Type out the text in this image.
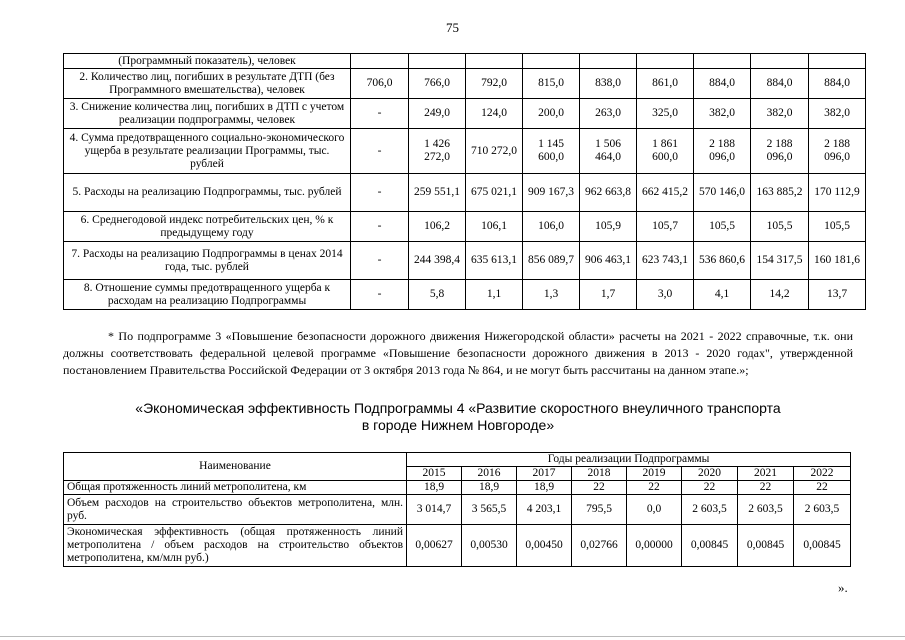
75
(Программный показатель), человек									
2. Количество лиц, погибших в результате ДТП (без Программного вмешательства), человек	706,0	766,0	792,0	815,0	838,0	861,0	884,0	884,0	884,0
3. Снижение количества лиц, погибших в ДТП с учетом реализации подпрограммы, человек	-	249,0	124,0	200,0	263,0	325,0	382,0	382,0	382,0
4. Сумма предотвращенного социально-экономического ущерба в результате реализации Программы, тыс. рублей	-	1 426 272,0	710 272,0	1 145 600,0	1 506 464,0	1 861 600,0	2 188 096,0	2 188 096,0	2 188 096,0
5. Расходы на реализацию Подпрограммы, тыс. рублей	-	259 551,1	675 021,1	909 167,3	962 663,8	662 415,2	570 146,0	163 885,2	170 112,9
6. Среднегодовой индекс потребительских цен, % к предыдущему году	-	106,2	106,1	106,0	105,9	105,7	105,5	105,5	105,5
7. Расходы на реализацию Подпрограммы в ценах 2014 года, тыс. рублей	-	244 398,4	635 613,1	856 089,7	906 463,1	623 743,1	536 860,6	154 317,5	160 181,6
8. Отношение суммы предотвращенного ущерба к расходам на реализацию Подпрограммы	-	5,8	1,1	1,3	1,7	3,0	4,1	14,2	13,7
* По подпрограмме 3 «Повышение безопасности дорожного движения Нижегородской области» расчеты на 2021 - 2022 справочные, т.к. они должны соответствовать федеральной целевой программе «Повышение безопасности дорожного движения в 2013 - 2020 годах", утвержденной постановлением Правительства Российской Федерации от 3 октября 2013 года № 864, и не могут быть рассчитаны на данном этапе.»;
«Экономическая эффективность Подпрограммы 4 «Развитие скоростного внеуличного транспорта
в городе Нижнем Новгороде»
Наименование	Годы реализации Подпрограммы							
	2015	2016	2017	2018	2019	2020	2021	2022
Общая протяженность линий метрополитена, км	18,9	18,9	18,9	22	22	22	22	22
Объем расходов на строительство объектов метрополитена, млн. руб.	3 014,7	3 565,5	4 203,1	795,5	0,0	2 603,5	2 603,5	2 603,5
Экономическая эффективность (общая протяженность линий метрополитена / объем расходов на строительство объектов метрополитена, км/млн руб.)	0,00627	0,00530	0,00450	0,02766	0,00000	0,00845	0,00845	0,00845
».
